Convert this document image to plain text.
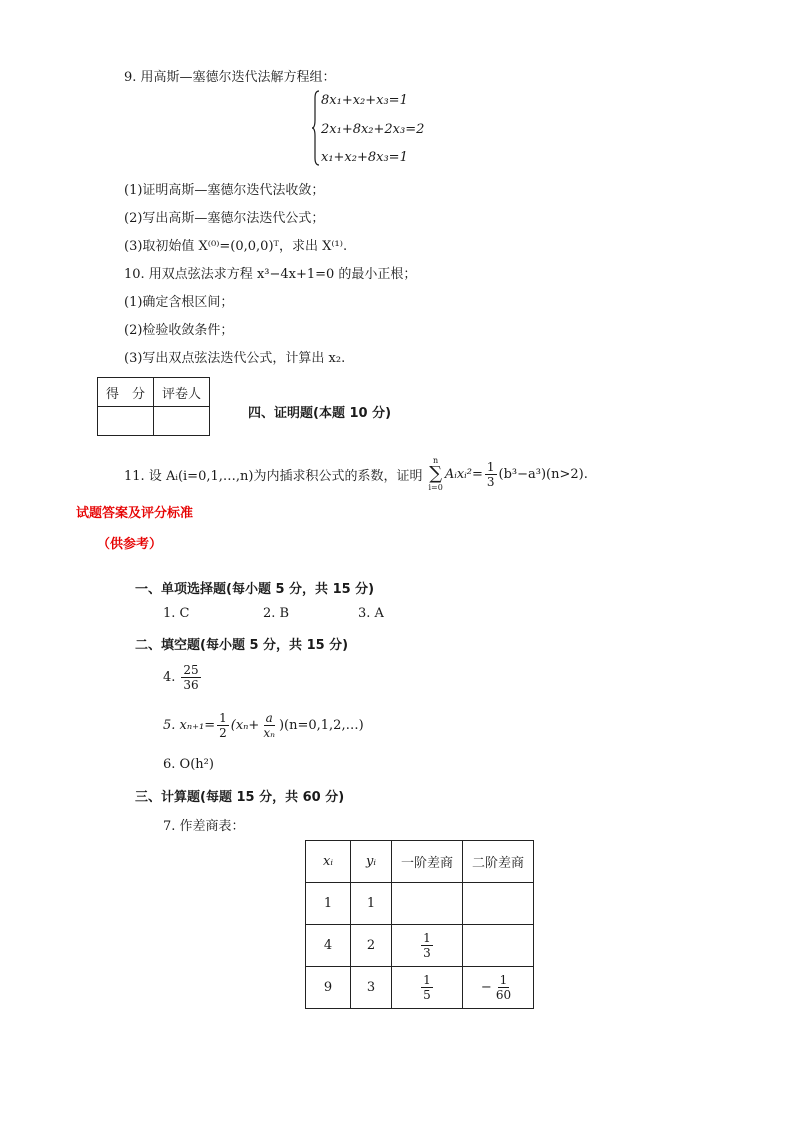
9. 用高斯—塞德尔迭代法解方程组：
8x₁+x₂+x₃=1
2x₁+8x₂+2x₃=2
x₁+x₂+8x₃=1
(1)证明高斯—塞德尔迭代法收敛；
(2)写出高斯—塞德尔法迭代公式；
(3)取初始值 X⁽⁰⁾=(0,0,0)ᵀ，求出 X⁽¹⁾.
10. 用双点弦法求方程 x³−4x+1=0 的最小正根；
(1)确定含根区间；
(2)检验收敛条件；
(3)写出双点弦法迭代公式，计算出 x₂.
得　分	评卷人

四、证明题(本题 10 分)
11. 设 Aᵢ(i=0,1,…,n)为内插求积公式的系数，证明
n
∑
i=0
Aᵢxᵢ²= $\frac{1}{3} (b^3-a^3)(n>2)$.
试题答案及评分标准
（供参考）
一、单项选择题(每小题 5 分，共 15 分)
1. C	2. B	3. A
二、填空题(每小题 5 分，共 15 分)
4. $\frac{25}{36}$
5. $x_{n+1}= \frac{1}{2} (x_n+ \frac{a}{\text{xₙ}}$ )(n=0,1,2,…)
6. O(h²)
三、计算题(每题 15 分，共 60 分)
7. 作差商表：
xᵢ	yᵢ	一阶差商	二阶差商
1	1		
4	2	$\frac{1}{3}$

9	3	$\frac{1}{5}$	− $\frac{1}{60}$
